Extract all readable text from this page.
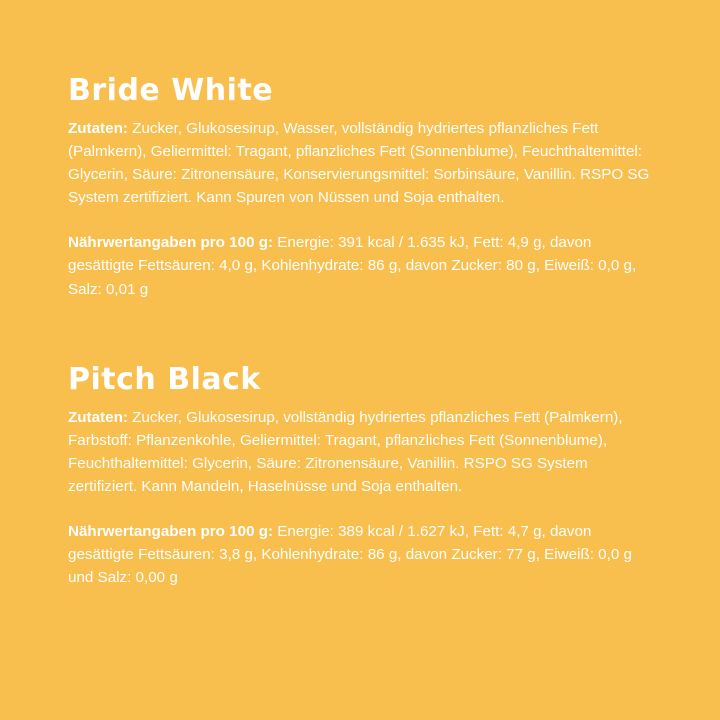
Bride White

Zutaten: Zucker, Glukosesirup, Wasser, vollständig hydriertes pflanzliches Fett (Palmkern), Geliermittel: Tragant, pflanzliches Fett (Sonnenblume), Feuchthaltemittel: Glycerin, Säure: Zitronensäure, Konservierungsmittel: Sorbinsäure, Vanillin. RSPO SG System zertifiziert. Kann Spuren von Nüssen und Soja enthalten.

Nährwertangaben pro 100 g: Energie: 391 kcal / 1.635 kJ, Fett: 4,9 g, davon gesättigte Fettsäuren: 4,0 g, Kohlenhydrate: 86 g, davon Zucker: 80 g, Eiweiß: 0,0 g, Salz: 0,01 g

Pitch Black

Zutaten: Zucker, Glukosesirup, vollständig hydriertes pflanzliches Fett (Palmkern), Farbstoff: Pflanzenkohle, Geliermittel: Tragant, pflanzliches Fett (Sonnenblume), Feuchthaltemittel: Glycerin, Säure: Zitronensäure, Vanillin. RSPO SG System zertifiziert. Kann Mandeln, Haselnüsse und Soja enthalten.

Nährwertangaben pro 100 g: Energie: 389 kcal / 1.627 kJ, Fett: 4,7 g, davon gesättigte Fettsäuren: 3,8 g, Kohlenhydrate: 86 g, davon Zucker: 77 g, Eiweiß: 0,0 g und Salz: 0,00 g
